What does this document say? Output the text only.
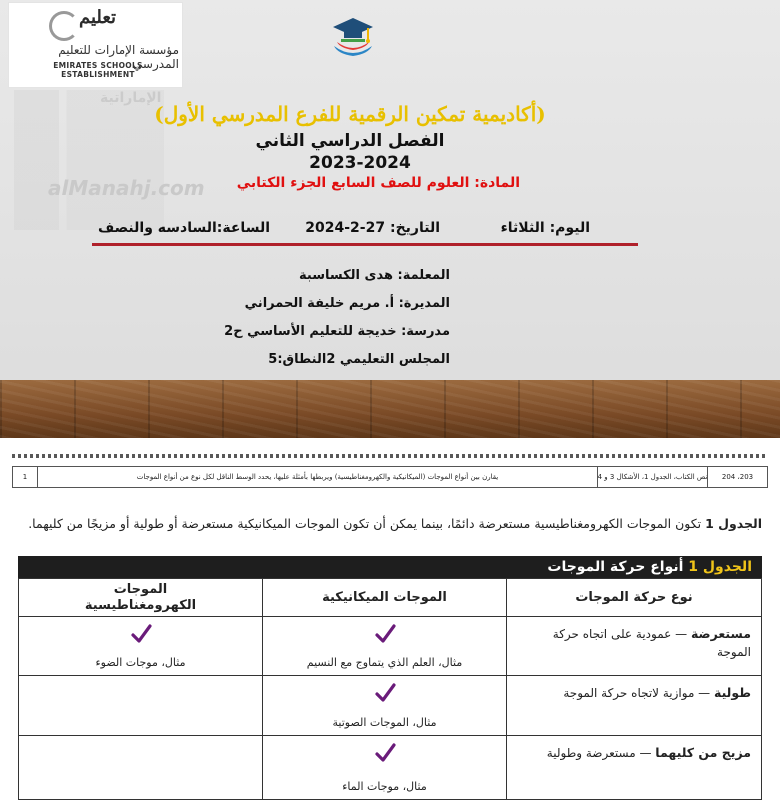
الإماراتية
alManahj.com
تعليم
مؤسسة الإمارات للتعليم المدرسي
EMIRATES SCHOOLS ESTABLISHMENT
(أكاديمية تمكين الرقمية للفرع المدرسي الأول)
الفصل الدراسي الثاني
2023-2024
المادة: العلوم للصف السابع الجزء الكتابي
اليوم: الثلاثاء
التاريخ: 27-2-2024
الساعة:السادسه والنصف
المعلمة: هدى الكساسبة
المديرة: أ. مريم خليفة الحمراني
مدرسة: خديجة للتعليم الأساسي ح2
المجلس التعليمي 2النطاق:5
203، 204
نص الكتاب، الجدول 1، الأشكال 3 و 4
يقارن بين أنواع الموجات (الميكانيكية والكهرومغناطيسية) ويربطها بأمثلة عليها، يحدد الوسط الناقل لكل نوع من أنواع الموجات
1
الجدول 1 تكون الموجات الكهرومغناطيسية مستعرضة دائمًا، بينما يمكن أن تكون الموجات الميكانيكية مستعرضة أو طولية أو مزيجًا من كليهما.
الجدول 1 أنواع حركة الموجات
نوع حركة الموجات
الموجات الميكانيكية
الموجات
الكهرومغناطيسية
مستعرضة — عمودية على اتجاه حركة الموجة
مثال، العلم الذي يتماوج مع النسيم
مثال، موجات الضوء
طولية — موازية لاتجاه حركة الموجة
مثال، الموجات الصوتية
مزيج من كليهما — مستعرضة وطولية
مثال، موجات الماء
